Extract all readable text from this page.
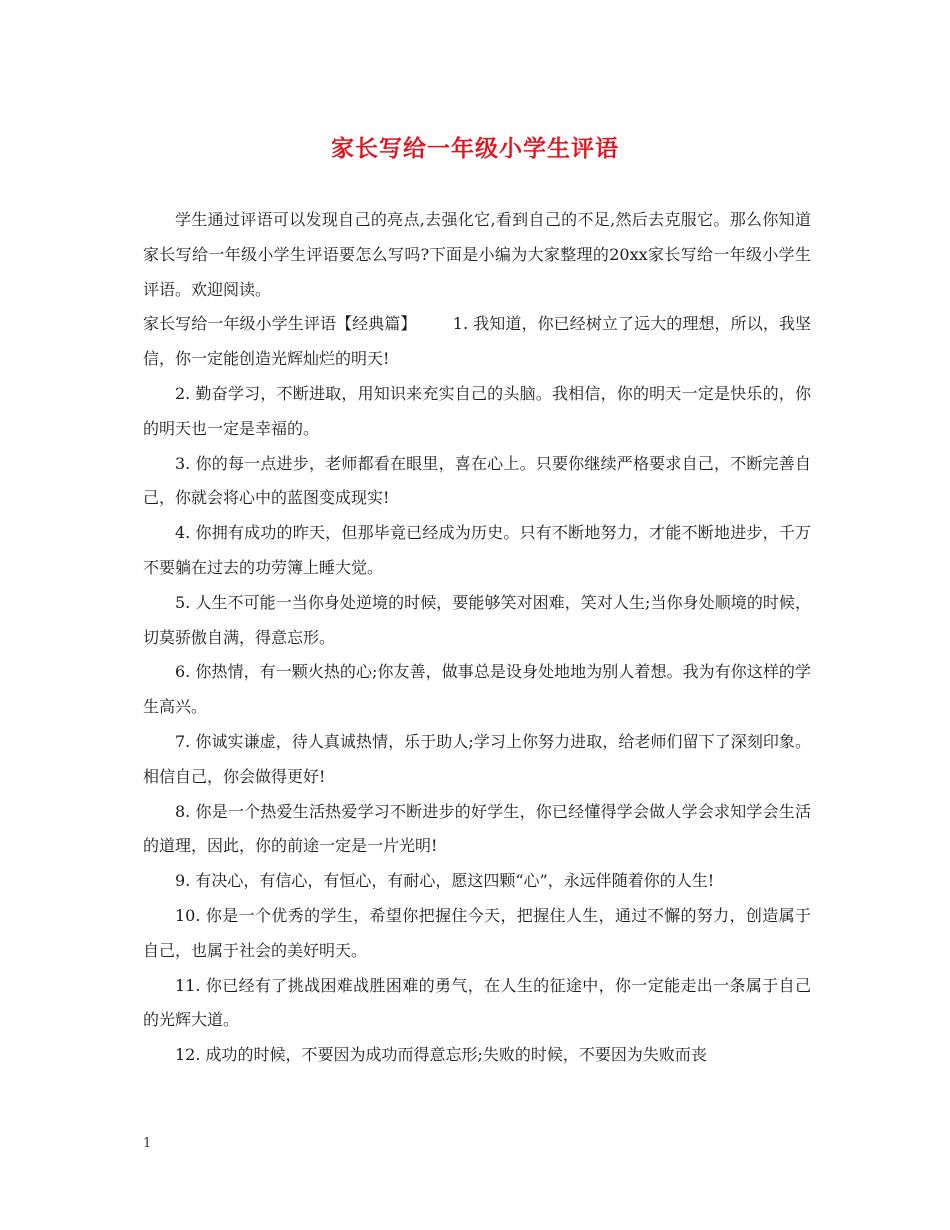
家长写给一年级小学生评语

学生通过评语可以发现自己的亮点,去强化它,看到自己的不足,然后去克服它。那么你知道家长写给一年级小学生评语要怎么写吗?下面是小编为大家整理的20xx家长写给一年级小学生评语。欢迎阅读。

家长写给一年级小学生评语【经典篇】 1. 我知道，你已经树立了远大的理想，所以，我坚信，你一定能创造光辉灿烂的明天!

2. 勤奋学习，不断进取，用知识来充实自己的头脑。我相信，你的明天一定是快乐的，你的明天也一定是幸福的。

3. 你的每一点进步，老师都看在眼里，喜在心上。只要你继续严格要求自己，不断完善自己，你就会将心中的蓝图变成现实!

4. 你拥有成功的昨天，但那毕竟已经成为历史。只有不断地努力，才能不断地进步，千万不要躺在过去的功劳簿上睡大觉。

5. 人生不可能一当你身处逆境的时候，要能够笑对困难，笑对人生;当你身处顺境的时候，切莫骄傲自满，得意忘形。

6. 你热情，有一颗火热的心;你友善，做事总是设身处地地为别人着想。我为有你这样的学生高兴。

7. 你诚实谦虚，待人真诚热情，乐于助人;学习上你努力进取，给老师们留下了深刻印象。相信自己，你会做得更好!

8. 你是一个热爱生活热爱学习不断进步的好学生，你已经懂得学会做人学会求知学会生活的道理，因此，你的前途一定是一片光明!

9. 有决心，有信心，有恒心，有耐心，愿这四颗“心”，永远伴随着你的人生!

10. 你是一个优秀的学生，希望你把握住今天，把握住人生，通过不懈的努力，创造属于自己，也属于社会的美好明天。

11. 你已经有了挑战困难战胜困难的勇气，在人生的征途中，你一定能走出一条属于自己的光辉大道。

12. 成功的时候，不要因为成功而得意忘形;失败的时候，不要因为失败而丧

1
